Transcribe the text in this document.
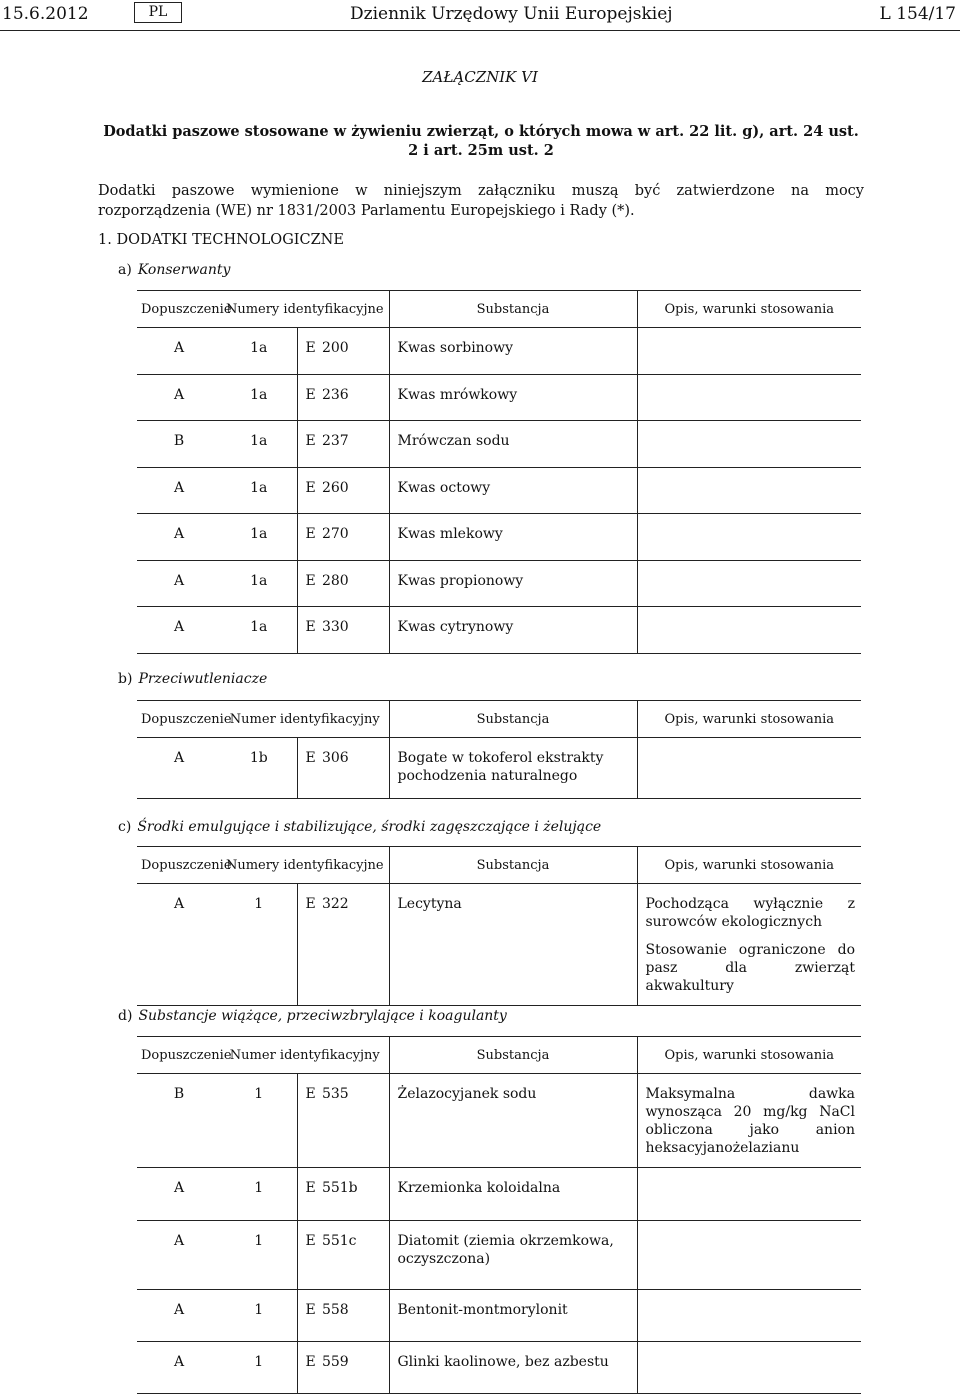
15.6.2012	PL	Dziennik Urzędowy Unii Europejskiej	L 154/17
ZAŁĄCZNIK VI
Dodatki paszowe stosowane w żywieniu zwierząt, o których mowa w art. 22 lit. g), art. 24 ust. 2 i art. 25m ust. 2
Dodatki paszowe wymienione w niniejszym załączniku muszą być zatwierdzone na mocy rozporządzenia (WE) nr 1831/2003 Parlamentu Europejskiego i Rady (*).
1. DODATKI TECHNOLOGICZNE
a) Konserwanty
Dopuszczenie	Numery identyfikacyjne		Substancja	Opis, warunki stosowania
A	1a	E 200	Kwas sorbinowy	
A	1a	E 236	Kwas mrówkowy	
B	1a	E 237	Mrówczan sodu	
A	1a	E 260	Kwas octowy	
A	1a	E 270	Kwas mlekowy	
A	1a	E 280	Kwas propionowy	
A	1a	E 330	Kwas cytrynowy	
b) Przeciwutleniacze
Dopuszczenie	Numer identyfikacyjny		Substancja	Opis, warunki stosowania
A	1b	E 306	Bogate w tokoferol ekstrakty pochodzenia naturalnego	
c) Środki emulgujące i stabilizujące, środki zagęszczające i żelujące
Dopuszczenie	Numery identyfikacyjne		Substancja	Opis, warunki stosowania
A	1	E 322	Lecytyna	Pochodząca wyłącznie z surowców ekologicznych

Stosowanie ograniczone do pasz dla zwierząt akwakultury

d) Substancje wiążące, przeciwzbrylające i koagulanty
Dopuszczenie	Numer identyfikacyjny		Substancja	Opis, warunki stosowania
B	1	E 535	Żelazocyjanek sodu	Maksymalna dawka wynosząca 20 mg/kg NaCl obliczona jako anion heksacyjanożelazianu

A	1	E 551b	Krzemionka koloidalna	
A	1	E 551c	Diatomit (ziemia okrzemkowa, oczyszczona)	
A	1	E 558	Bentonit-montmorylonit	
A	1	E 559	Glinki kaolinowe, bez azbestu	
